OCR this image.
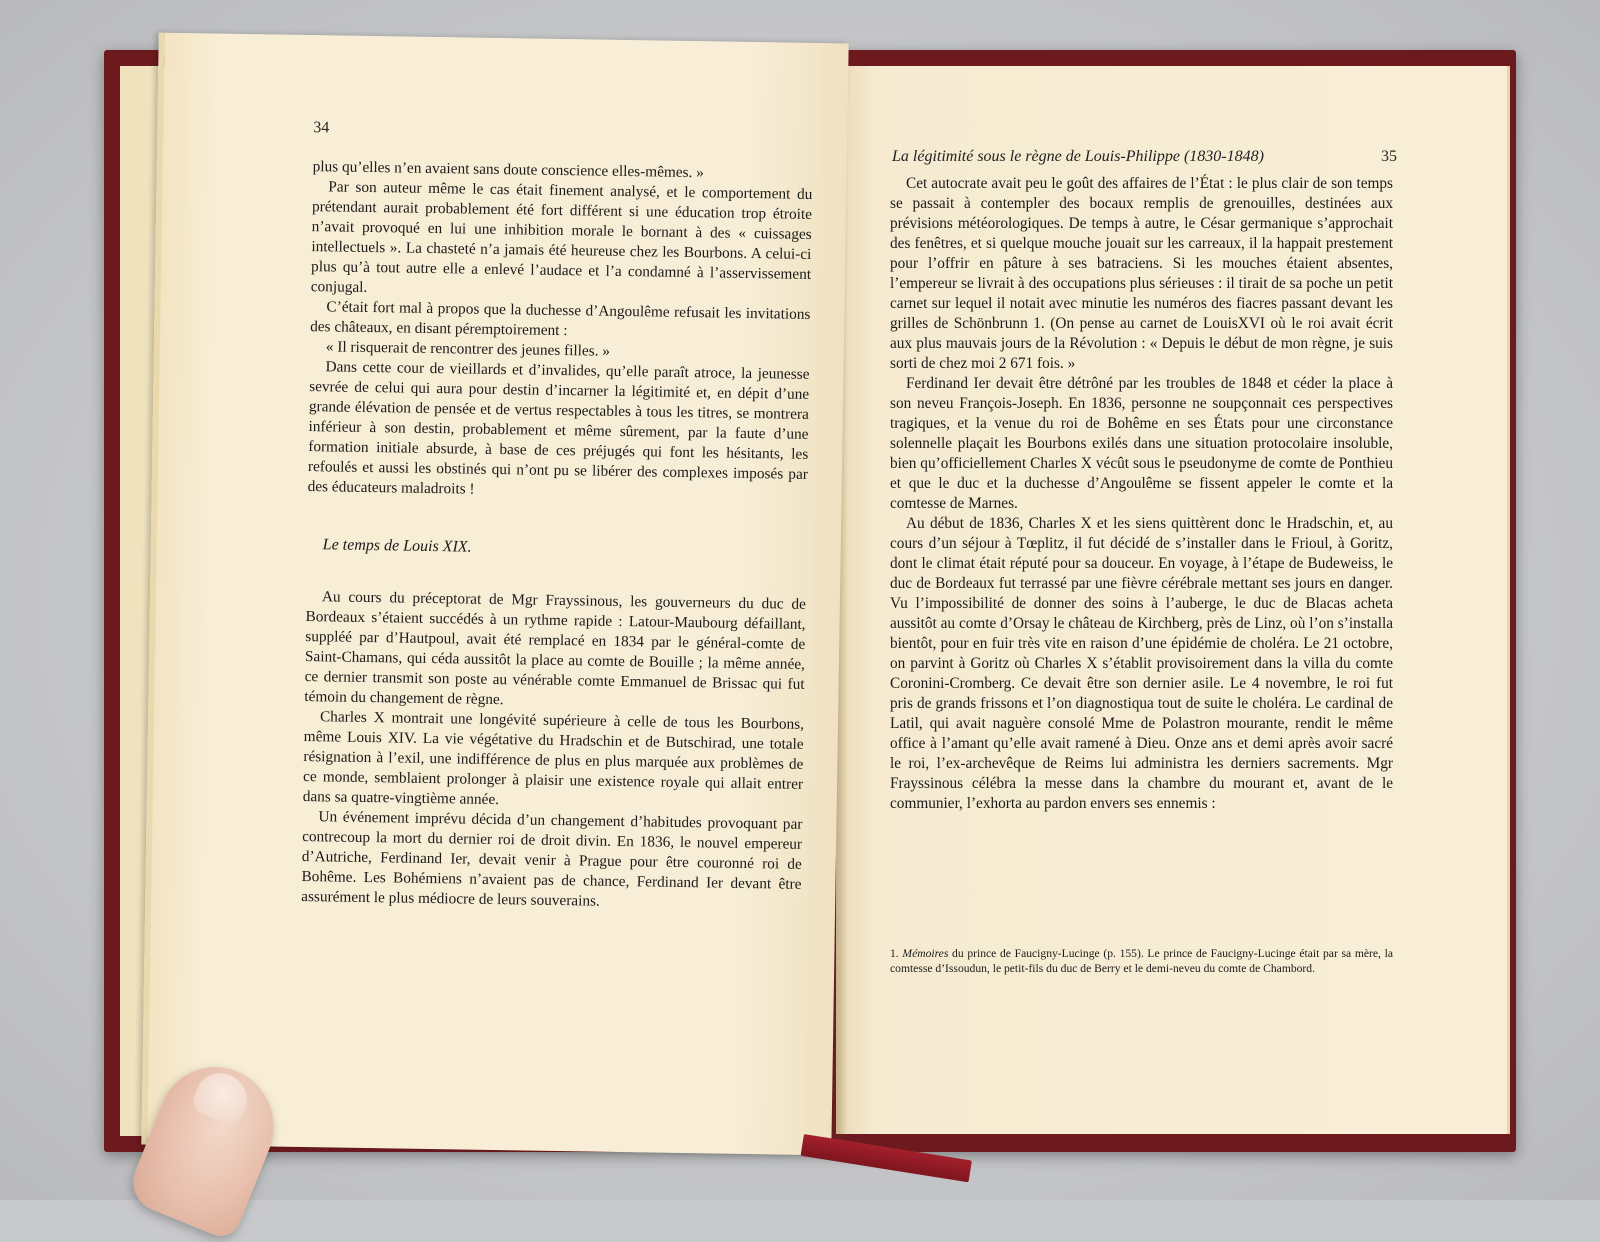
La légitimité sous le règne de Louis-Philippe (1830-1848)	35

Cet autocrate avait peu le goût des affaires de l’État : le plus clair de son temps se passait à contempler des bocaux remplis de grenouilles, destinées aux prévisions météorologiques. De temps à autre, le César germanique s’approchait des fenêtres, et si quelque mouche jouait sur les carreaux, il la happait prestement pour l’offrir en pâture à ses batraciens. Si les mouches étaient absentes, l’empereur se livrait à des occupations plus sérieuses : il tirait de sa poche un petit carnet sur lequel il notait avec minutie les numéros des fiacres passant devant les grilles de Schönbrunn 1. (On pense au carnet de LouisXVI où le roi avait écrit aux plus mauvais jours de la Révolution : « Depuis le début de mon règne, je suis sorti de chez moi 2 671 fois. »

Ferdinand Ier devait être détrôné par les troubles de 1848 et céder la place à son neveu François-Joseph. En 1836, personne ne soupçonnait ces perspectives tragiques, et la venue du roi de Bohême en ses États pour une circonstance solennelle plaçait les Bourbons exilés dans une situation protocolaire insoluble, bien qu’officiellement Charles X vécût sous le pseudonyme de comte de Ponthieu et que le duc et la duchesse d’Angoulême se fissent appeler le comte et la comtesse de Marnes.

Au début de 1836, Charles X et les siens quittèrent donc le Hradschin, et, au cours d’un séjour à Tœplitz, il fut décidé de s’installer dans le Frioul, à Goritz, dont le climat était réputé pour sa douceur. En voyage, à l’étape de Budeweiss, le duc de Bordeaux fut terrassé par une fièvre cérébrale mettant ses jours en danger. Vu l’impossibilité de donner des soins à l’auberge, le duc de Blacas acheta aussitôt au comte d’Orsay le château de Kirchberg, près de Linz, où l’on s’installa bientôt, pour en fuir très vite en raison d’une épidémie de choléra. Le 21 octobre, on parvint à Goritz où Charles X s’établit provisoirement dans la villa du comte Coronini-Cromberg. Ce devait être son dernier asile. Le 4 novembre, le roi fut pris de grands frissons et l’on diagnostiqua tout de suite le choléra. Le cardinal de Latil, qui avait naguère consolé Mme de Polastron mourante, rendit le même office à l’amant qu’elle avait ramené à Dieu. Onze ans et demi après avoir sacré le roi, l’ex-archevêque de Reims lui administra les derniers sacrements. Mgr Frayssinous célébra la messe dans la chambre du mourant et, avant de le communier, l’exhorta au pardon envers ses ennemis :

1. Mémoires du prince de Faucigny-Lucinge (p. 155). Le prince de Faucigny-Lucinge était par sa mère, la comtesse d’Issoudun, le petit-fils du duc de Berry et le demi-neveu du comte de Chambord.
34

plus qu’elles n’en avaient sans doute conscience elles-mêmes. »

Par son auteur même le cas était finement analysé, et le comportement du prétendant aurait probablement été fort différent si une éducation trop étroite n’avait provoqué en lui une inhibition morale le bornant à des « cuissages intellectuels ». La chasteté n’a jamais été heureuse chez les Bourbons. A celui-ci plus qu’à tout autre elle a enlevé l’audace et l’a condamné à l’asservissement conjugal.

C’était fort mal à propos que la duchesse d’Angoulême refusait les invitations des châteaux, en disant péremptoirement :

« Il risquerait de rencontrer des jeunes filles. »

Dans cette cour de vieillards et d’invalides, qu’elle paraît atroce, la jeunesse sevrée de celui qui aura pour destin d’incarner la légitimité et, en dépit d’une grande élévation de pensée et de vertus respectables à tous les titres, se montrera inférieur à son destin, probablement et même sûrement, par la faute d’une formation initiale absurde, à base de ces préjugés qui font les hésitants, les refoulés et aussi les obstinés qui n’ont pu se libérer des complexes imposés par des éducateurs maladroits !

Le temps de Louis XIX.

Au cours du préceptorat de Mgr Frayssinous, les gouverneurs du duc de Bordeaux s’étaient succédés à un rythme rapide : Latour-Maubourg défaillant, suppléé par d’Hautpoul, avait été remplacé en 1834 par le général-comte de Saint-Chamans, qui céda aussitôt la place au comte de Bouille ; la même année, ce dernier transmit son poste au vénérable comte Emmanuel de Brissac qui fut témoin du changement de règne.

Charles X montrait une longévité supérieure à celle de tous les Bourbons, même Louis XIV. La vie végétative du Hradschin et de Butschirad, une totale résignation à l’exil, une indifférence de plus en plus marquée aux problèmes de ce monde, semblaient prolonger à plaisir une existence royale qui allait entrer dans sa quatre-vingtième année.

Un événement imprévu décida d’un changement d’habitudes provoquant par contrecoup la mort du dernier roi de droit divin. En 1836, le nouvel empereur d’Autriche, Ferdinand Ier, devait venir à Prague pour être couronné roi de Bohême. Les Bohémiens n’avaient pas de chance, Ferdinand Ier devant être assurément le plus médiocre de leurs souverains.
